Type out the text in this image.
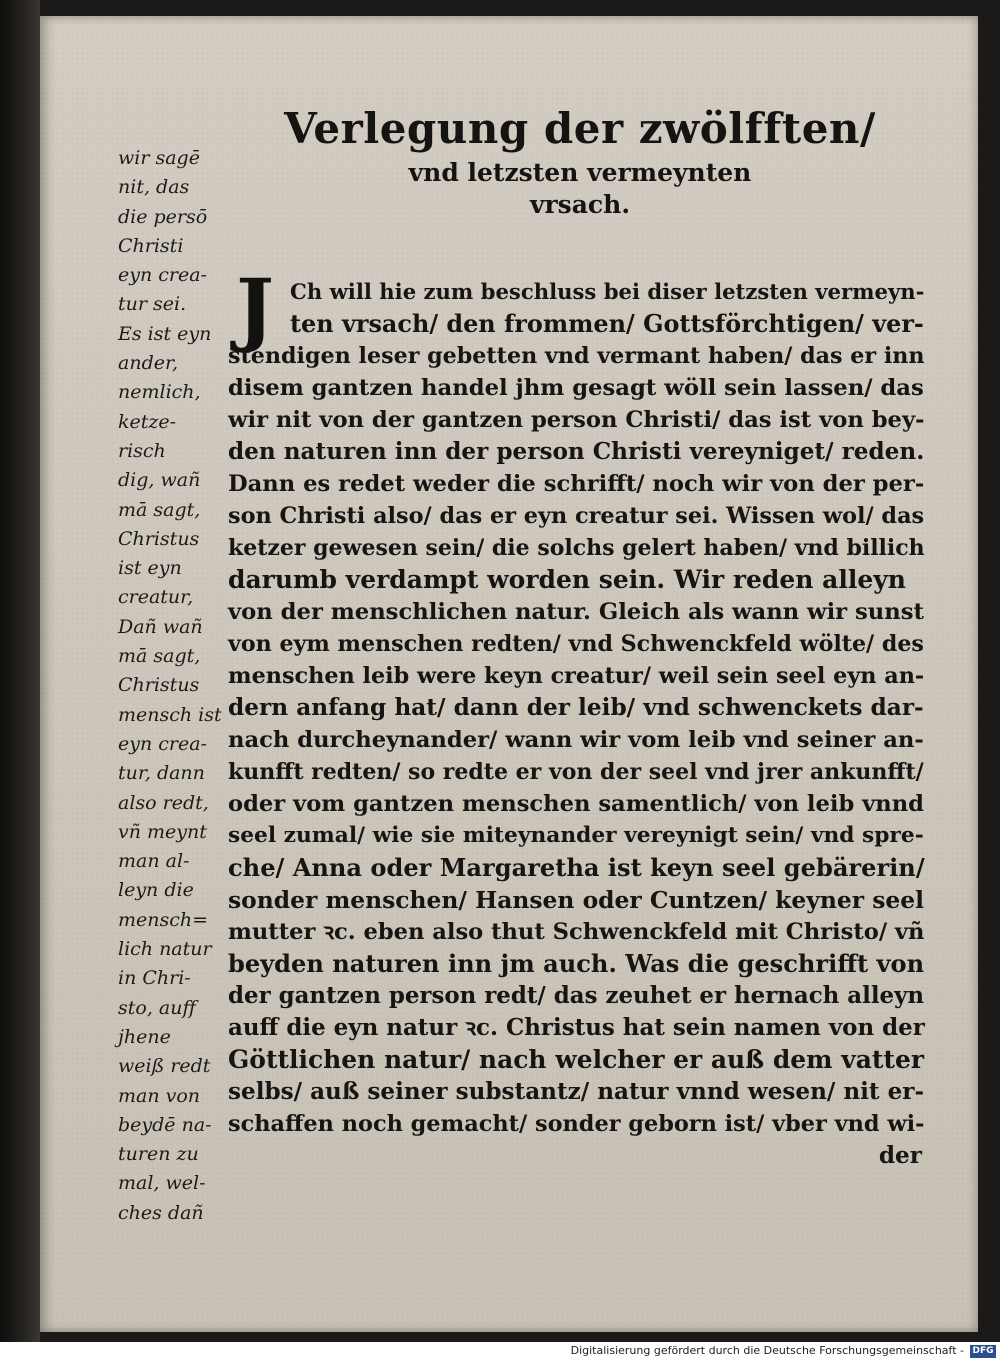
Verlegung der zwölfften/
vnd letzsten vermeynten
vrsach.
wir sagē
nit, das
die persō
Christi
eyn crea-
tur sei.
Es ist eyn
ander,
nemlich,
ketze-
risch
dig, wañ
mā sagt,
Christus
ist eyn
creatur,
Dañ wañ
mā sagt,
Christus
mensch ist
eyn crea-
tur, dann
also redt,
vñ meynt
man al-
leyn die
mensch=
lich natur
in Chri-
sto, auff
jhene
weiß redt
man von
beydē na-
turen zu
mal, wel-
ches dañ
J Ch will hie zum beschluss bei diser letzsten vermeyn-
ten vrsach/ den frommen/ Gottsförchtigen/ ver-
stendigen leser gebetten vnd vermant haben/ das er inn
disem gantzen handel jhm gesagt wöll sein lassen/ das
wir nit von der gantzen person Christi/ das ist von bey-
den naturen inn der person Christi vereyniget/ reden.
Dann es redet weder die schrifft/ noch wir von der per-
son Christi also/ das er eyn creatur sei. Wissen wol/ das
ketzer gewesen sein/ die solchs gelert haben/ vnd billich
darumb verdampt worden sein. Wir reden alleyn
von der menschlichen natur. Gleich als wann wir sunst
von eym menschen redten/ vnd Schwenckfeld wölte/ des
menschen leib were keyn creatur/ weil sein seel eyn an-
dern anfang hat/ dann der leib/ vnd schwenckets dar-
nach durcheynander/ wann wir vom leib vnd seiner an-
kunfft redten/ so redte er von der seel vnd jrer ankunfft/
oder vom gantzen menschen samentlich/ von leib vnnd
seel zumal/ wie sie miteynander vereynigt sein/ vnd spre-
che/ Anna oder Margaretha ist keyn seel gebärerin/
sonder menschen/ Hansen oder Cuntzen/ keyner seel
mutter ꝛc. eben also thut Schwenckfeld mit Christo/ vñ
beyden naturen inn jm auch. Was die geschrifft von
der gantzen person redt/ das zeuhet er hernach alleyn
auff die eyn natur ꝛc. Christus hat sein namen von der
Göttlichen natur/ nach welcher er auß dem vatter
selbs/ auß seiner substantz/ natur vnnd wesen/ nit er-
schaffen noch gemacht/ sonder geborn ist/ vber vnd wi-
der
Digitalisierung gefördert durch die Deutsche Forschungsgemeinschaft - DFG
